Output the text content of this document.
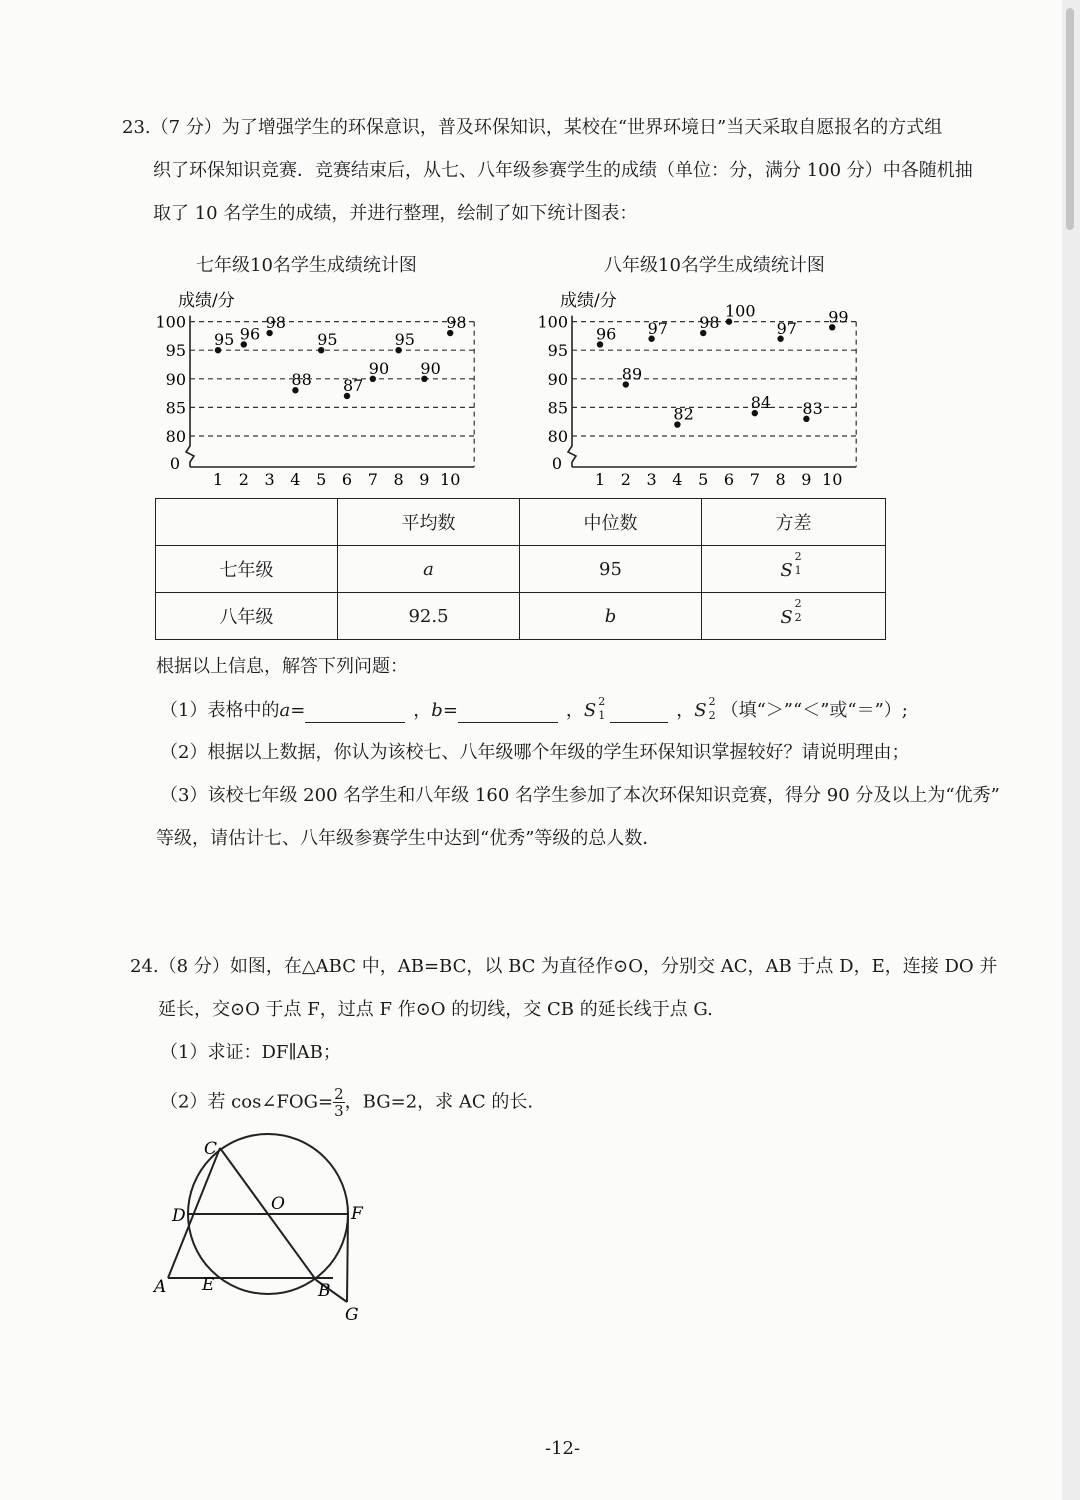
23.（7 分）为了增强学生的环保意识，普及环保知识，某校在“世界环境日”当天采取自愿报名的方式组
织了环保知识竞赛．竞赛结束后，从七、八年级参赛学生的成绩（单位：分，满分 100 分）中各随机抽
取了 10 名学生的成绩，并进行整理，绘制了如下统计图表：
七年级10名学生成绩统计图	八年级10名学生成绩统计图
成绩/分
100
95
90
85
80
0
1 2 3 4 5 6 7 8 9 10
95 96
98
88
95
87
90
95
90
98
成绩/分
100
95
90
85
80
0
1 2 3 4 5 6 7 8 9 10
96
89
97
82
98
100
84
97
83
99
	平均数	中位数	方差
七年级	a	95	S
2
1

八年级	92.5	b	S
2
2
根据以上信息，解答下列问题：
（1）表格中的a=	，b=	，S 2
1	，S 2
2 （填“＞”“＜”或“＝”）;
（2）根据以上数据，你认为该校七、八年级哪个年级的学生环保知识掌握较好？请说明理由；
（3）该校七年级 200 名学生和八年级 160 名学生参加了本次环保知识竞赛，得分 90 分及以上为“优秀”
等级，请估计七、八年级参赛学生中达到“优秀”等级的总人数．
24.（8 分）如图，在△ABC 中，AB=BC，以 BC 为直径作⊙O，分别交 AC，AB 于点 D，E，连接 DO 并
延长，交⊙O 于点 F，过点 F 作⊙O 的切线，交 CB 的延长线于点 G.
（1）求证：DF∥AB；
（2）若 cos∠FOG= $\frac{2}{3}$ ，BG=2，求 AC 的长.
A	B
C
D
E
F
G
O
-12-
